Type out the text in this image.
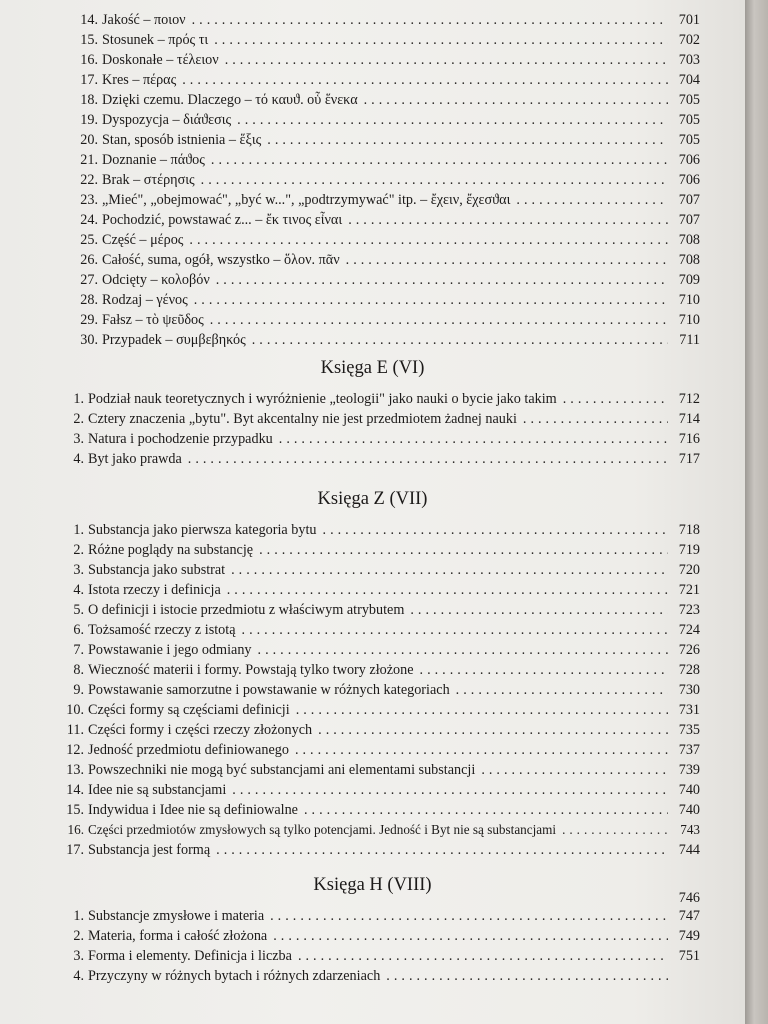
14. Jakość – ποιον .....	701
15. Stosunek – πρός τι .....	702
16. Doskonałe – τέλειον .....	703
17. Kres – πέρας .....	704
18. Dzięki czemu. Dlaczego – τό καυϑ. οὗ ἕνεκα .....	705
19. Dyspozycja – διάϑεσις .....	705
20. Stan, sposób istnienia – ἕξις .....	705
21. Doznanie – πάϑος .....	706
22. Brak – στέρησις .....	706
23. „Mieć", „obejmować", „być w...", „podtrzymywać" itp. – ἔχειν, ἔχεσϑαι .....	707
24. Pochodzić, powstawać z... – ἔκ τινος εἶναι .....	707
25. Część – μέρος .....	708
26. Całość, suma, ogół, wszystko – ὅλον. πᾶν .....	708
27. Odcięty – κολοβόν .....	709
28. Rodzaj – γένος .....	710
29. Fałsz – τὸ ψεῦδος .....	710
30. Przypadek – συμβεβηκός .....	711
Księga E (VI)
1. Podział nauk teoretycznych i wyróżnienie „teologii" jako nauki o bycie jako takim .....	712
2. Cztery znaczenia „bytu". Byt akcentalny nie jest przedmiotem żadnej nauki .....	714
3. Natura i pochodzenie przypadku .....	716
4. Byt jako prawda .....	717
Księga Z (VII)
1. Substancja jako pierwsza kategoria bytu .....	718
2. Różne poglądy na substancję .....	719
3. Substancja jako substrat .....	720
4. Istota rzeczy i definicja .....	721
5. O definicji i istocie przedmiotu z właściwym atrybutem .....	723
6. Tożsamość rzeczy z istotą .....	724
7. Powstawanie i jego odmiany .....	726
8. Wieczność materii i formy. Powstają tylko twory złożone .....	728
9. Powstawanie samorzutne i powstawanie w różnych kategoriach .....	730
10. Części formy są częściami definicji .....	731
11. Części formy i części rzeczy złożonych .....	735
12. Jedność przedmiotu definiowanego .....	737
13. Powszechniki nie mogą być substancjami ani elementami substancji .....	739
14. Idee nie są substancjami .....	740
15. Indywidua i Idee nie są definiowalne .....	740
16. Części przedmiotów zmysłowych są tylko potencjami. Jedność i Byt nie są substancjami .....	743
17. Substancja jest formą .....	744
Księga H (VIII)
746
1. Substancje zmysłowe i materia .....	747
2. Materia, forma i całość złożona .....	749
3. Forma i elementy. Definicja i liczba .....	751
4. Przyczyny w różnych bytach i różnych zdarzeniach
.....
